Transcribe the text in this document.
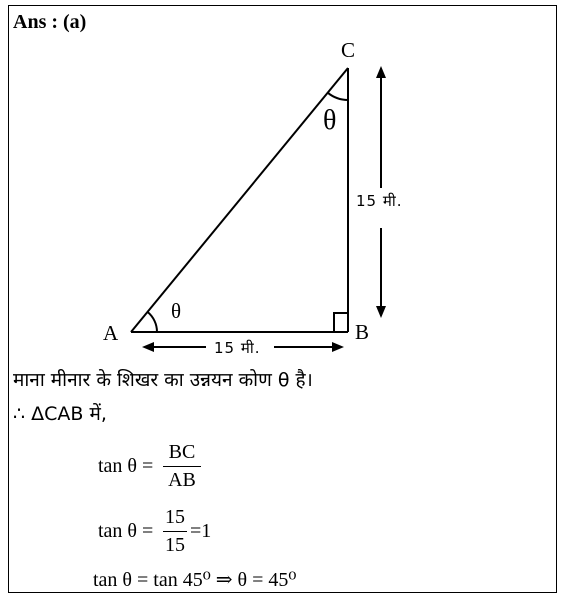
Ans : (a)
C
A	B
θ
θ
15 मी.
15 मी.
माना मीनार के शिखर का उन्नयन कोण θ है।
∴ ΔCAB में,
tan θ =
BC
AB
tan θ =
15
15
=1
tan θ = tan 45⁰ ⇒ θ = 45⁰
